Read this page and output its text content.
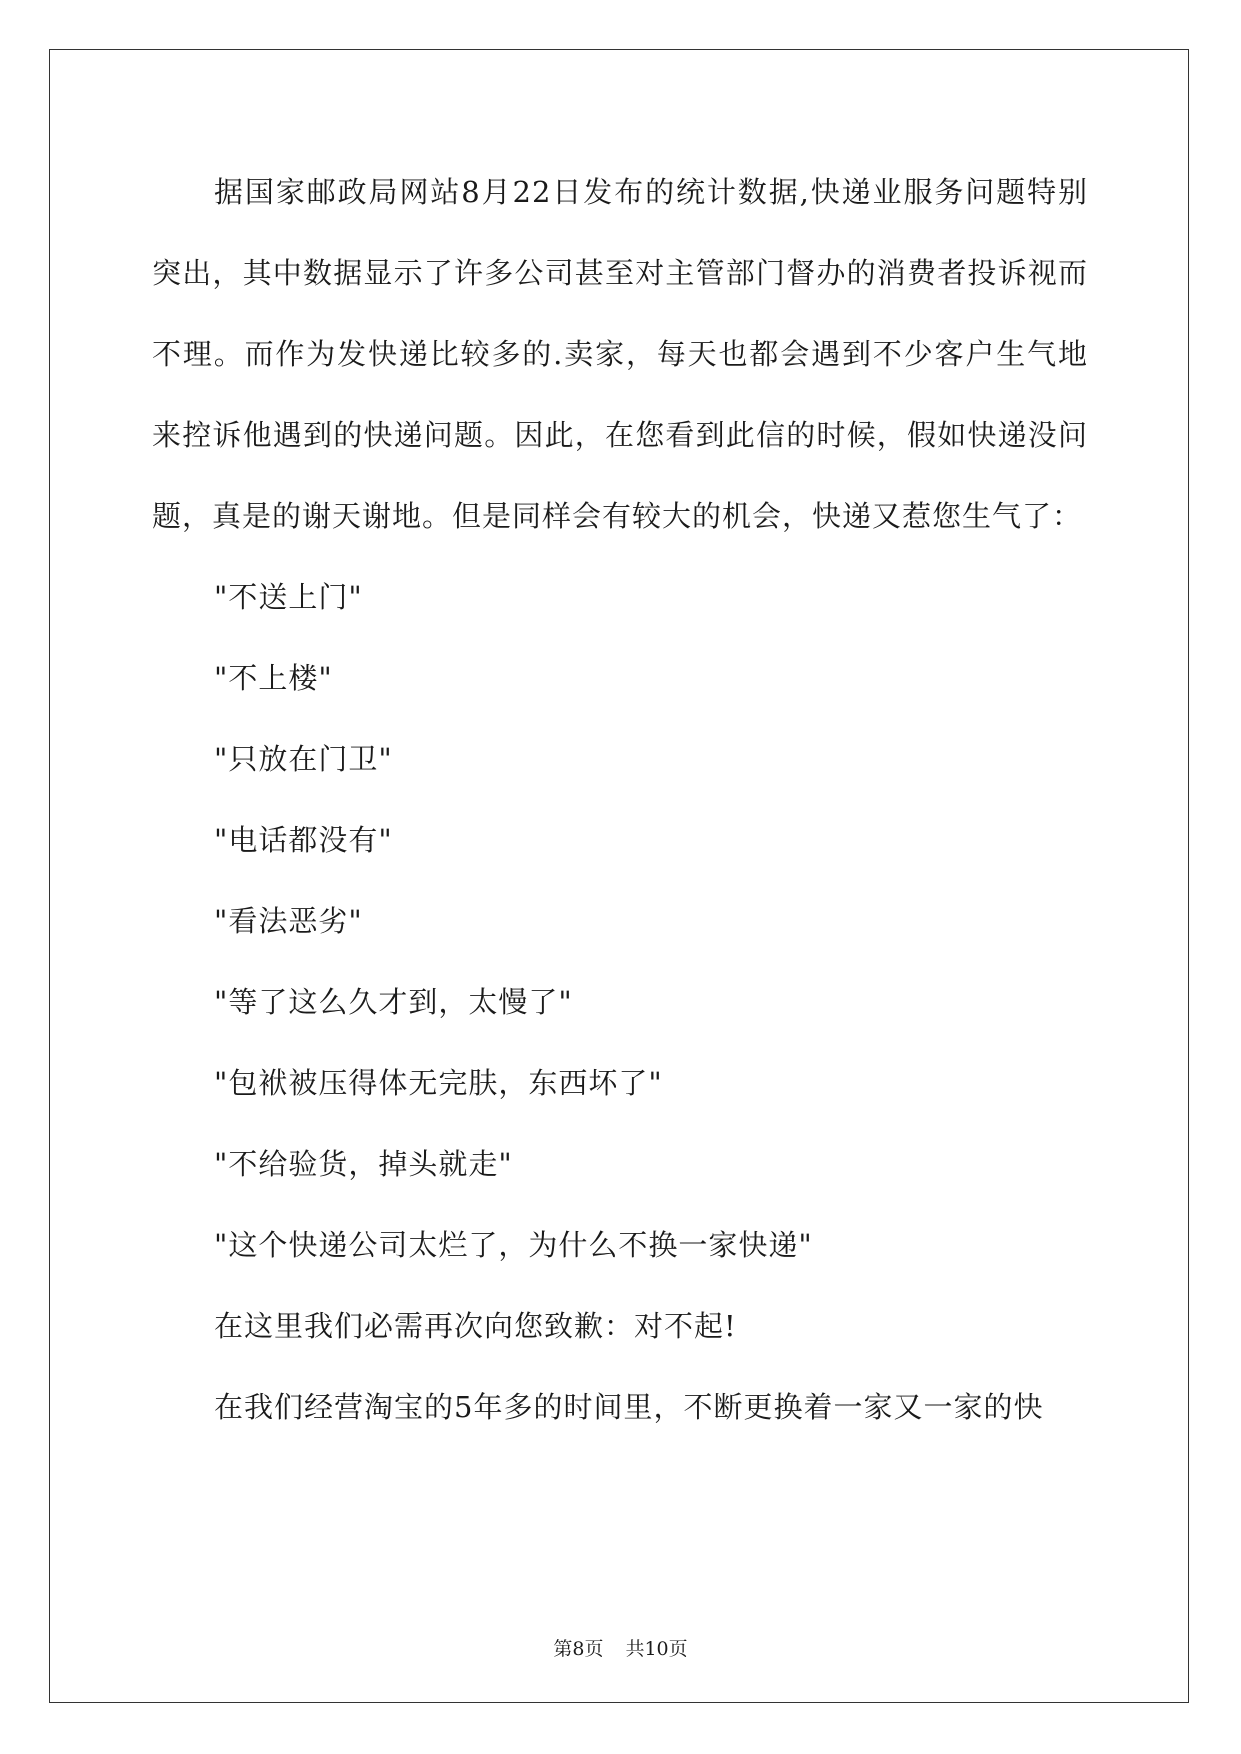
据国家邮政局网站8月22日发布的统计数据,快递业服务问题特别突出，其中数据显示了许多公司甚至对主管部门督办的消费者投诉视而不理。而作为发快递比较多的.卖家，每天也都会遇到不少客户生气地来控诉他遇到的快递问题。因此，在您看到此信的时候，假如快递没问题，真是的谢天谢地。但是同样会有较大的机会，快递又惹您生气了：

"不送上门"

"不上楼"

"只放在门卫"

"电话都没有"

"看法恶劣"

"等了这么久才到，太慢了"

"包袱被压得体无完肤，东西坏了"

"不给验货，掉头就走"

"这个快递公司太烂了，为什么不换一家快递"

在这里我们必需再次向您致歉：对不起!

在我们经营淘宝的5年多的时间里，不断更换着一家又一家的快

第8页 共10页
